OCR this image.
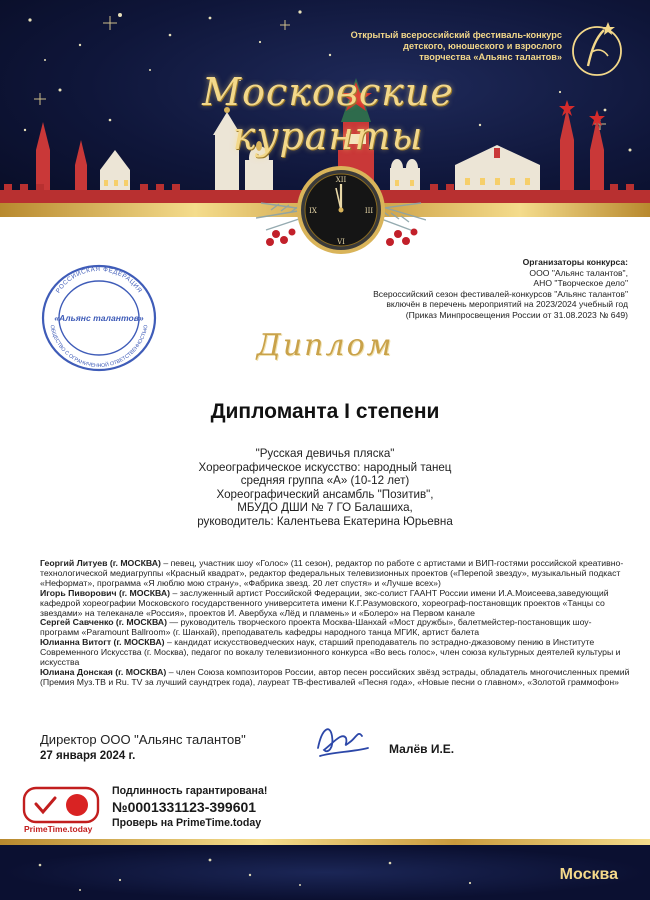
Открытый всероссийский фестиваль-конкурс
детского, юношеского и взрослого
творчества «Альянс талантов»
Московские куранты
XII
III
VI
IX
Организаторы конкурса:
ООО "Альянс талантов",
АНО "Творческое дело"
Всероссийский сезон фестивалей-конкурсов "Альянс талантов"
включён в перечень мероприятий на 2023/2024 учебный год
(Приказ Минпросвещения России от 31.08.2023 № 649)
РОССИЙСКАЯ ФЕДЕРАЦИЯ
ОБЩЕСТВО С ОГРАНИЧЕННОЙ ОТВЕТСТВЕННОСТЬЮ
«Альянс талантов»
Диплом
Дипломанта I степени
"Русская девичья пляска"
Хореографическое искусство: народный танец
средняя группа «А» (10-12 лет)
Хореографический ансамбль "Позитив",
МБУДО ДШИ № 7 ГО Балашиха,
руководитель: Калентьева Екатерина Юрьевна

Георгий Литуев (г. МОСКВА) – певец, участник шоу «Голос» (11 сезон), редактор по работе с артистами и ВИП-гостями российской креативно-технологической медиагруппы «Красный квадрат», редактор федеральных телевизионных проектов («Перепой звезду», музыкальный подкаст «Неформат», программа «Я люблю мою страну», «Фабрика звезд. 20 лет спустя» и «Лучше всех»)

Игорь Пиворович (г. МОСКВА) – заслуженный артист Российской Федерации, экс-солист ГААНТ России имени И.А.Моисеева,заведующий кафедрой хореографии Московского государственного университета имени К.Г.Разумовского, хореограф-постановщик проектов «Танцы со звездами» на телеканале «Россия», проектов И. Авербуха «Лёд и пламень» и «Болеро» на Первом канале

Сергей Савченко (г. МОСКВА) — руководитель творческого проекта Москва-Шанхай «Мост дружбы», балетмейстер-постановщик шоу-программ «Paramount Ballroom» (г. Шанхай), преподаватель кафедры народного танца МГИК, артист балета

Юлианна Витогт (г. МОСКВА) – кандидат искусствоведческих наук, старший преподаватель по эстрадно-джазовому пению в Институте Современного Искусства (г. Москва), педагог по вокалу телевизионного конкурса «Во весь голос», член союза культурных деятелей культуры и искусства

Юлиана Донская (г. МОСКВА) – член Союза композиторов России, автор песен российских звёзд эстрады, обладатель многочисленных премий (Премия Муз.ТВ и Ru. TV за лучший саундтрек года), лауреат ТВ-фестивалей «Песня года», «Новые песни о главном», «Золотой граммофон»

Директор ООО "Альянс талантов"
27 января 2024 г.	Малёв И.Е.
PrimeTime.today
Подлинность гарантирована!
№0001331123-399601
Проверь на PrimeTime.today
Москва
